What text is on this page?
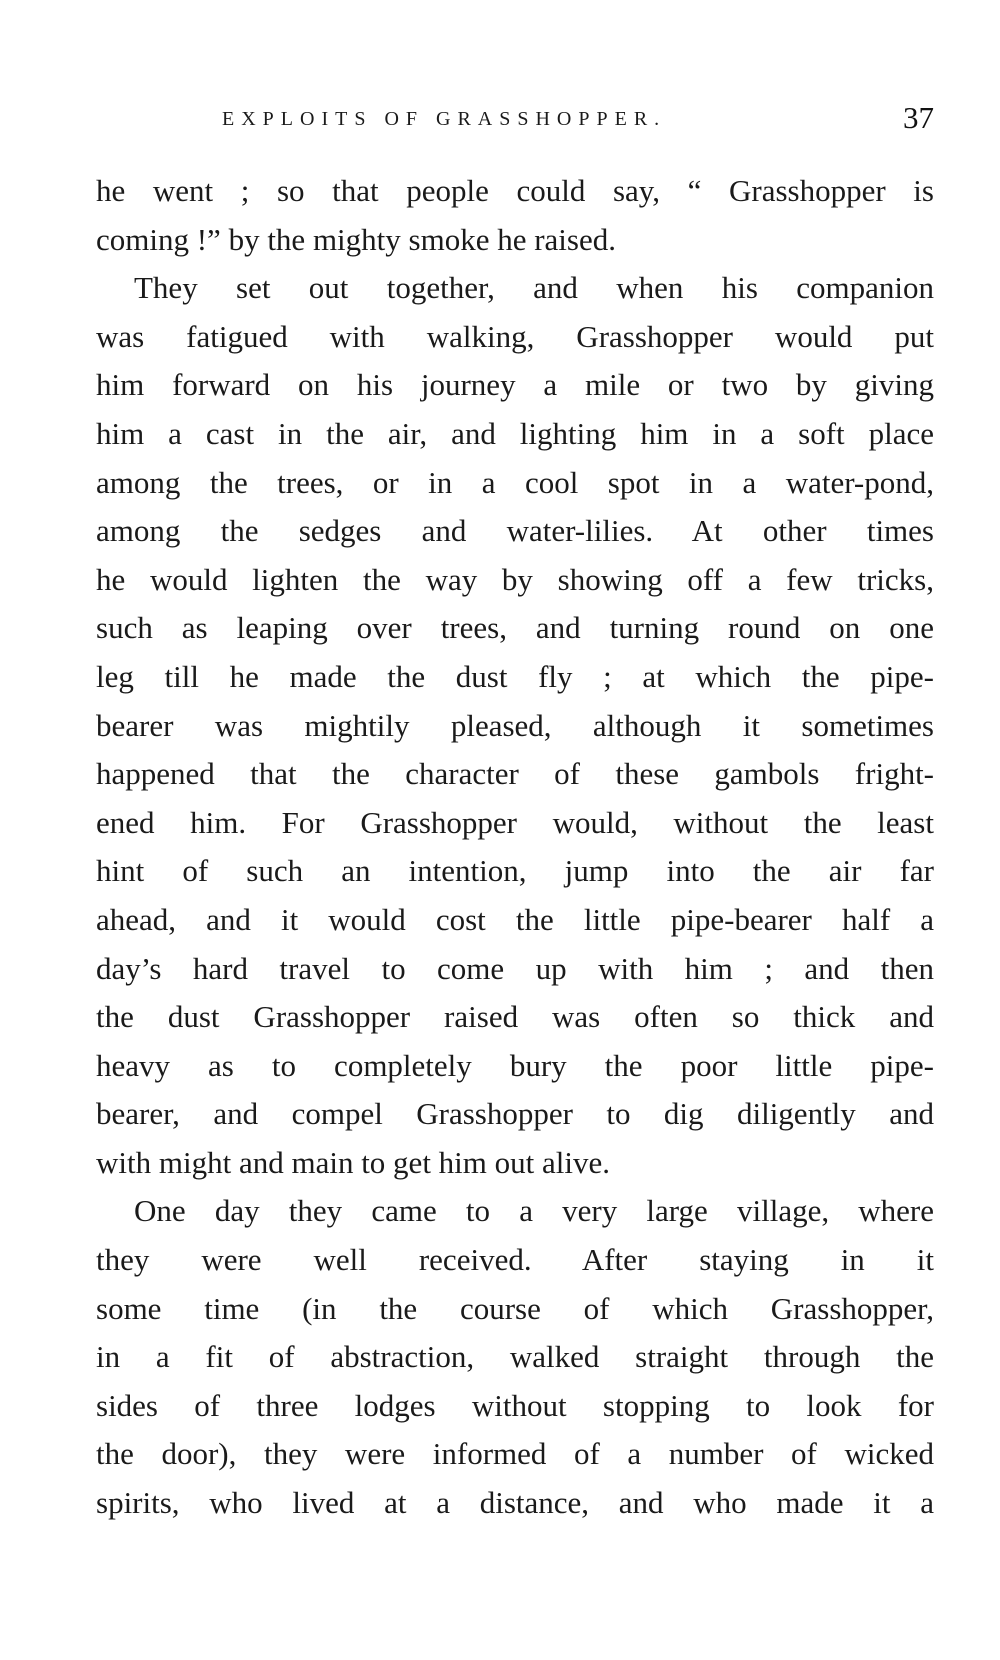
EXPLOITS OF GRASSHOPPER.	37
he went ; so that people could say, “ Grasshopper is
coming !” by the mighty smoke he raised.
They set out together, and when his companion
was fatigued with walking, Grasshopper would put
him forward on his journey a mile or two by giving
him a cast in the air, and lighting him in a soft place
among the trees, or in a cool spot in a water-pond,
among the sedges and water-lilies. At other times
he would lighten the way by showing off a few tricks,
such as leaping over trees, and turning round on one
leg till he made the dust fly ; at which the pipe-
bearer was mightily pleased, although it sometimes
happened that the character of these gambols fright-
ened him. For Grasshopper would, without the least
hint of such an intention, jump into the air far
ahead, and it would cost the little pipe-bearer half a
day’s hard travel to come up with him ; and then
the dust Grasshopper raised was often so thick and
heavy as to completely bury the poor little pipe-
bearer, and compel Grasshopper to dig diligently and
with might and main to get him out alive.
One day they came to a very large village, where
they were well received. After staying in it
some time (in the course of which Grasshopper,
in a fit of abstraction, walked straight through the
sides of three lodges without stopping to look for
the door), they were informed of a number of wicked
spirits, who lived at a distance, and who made it a
